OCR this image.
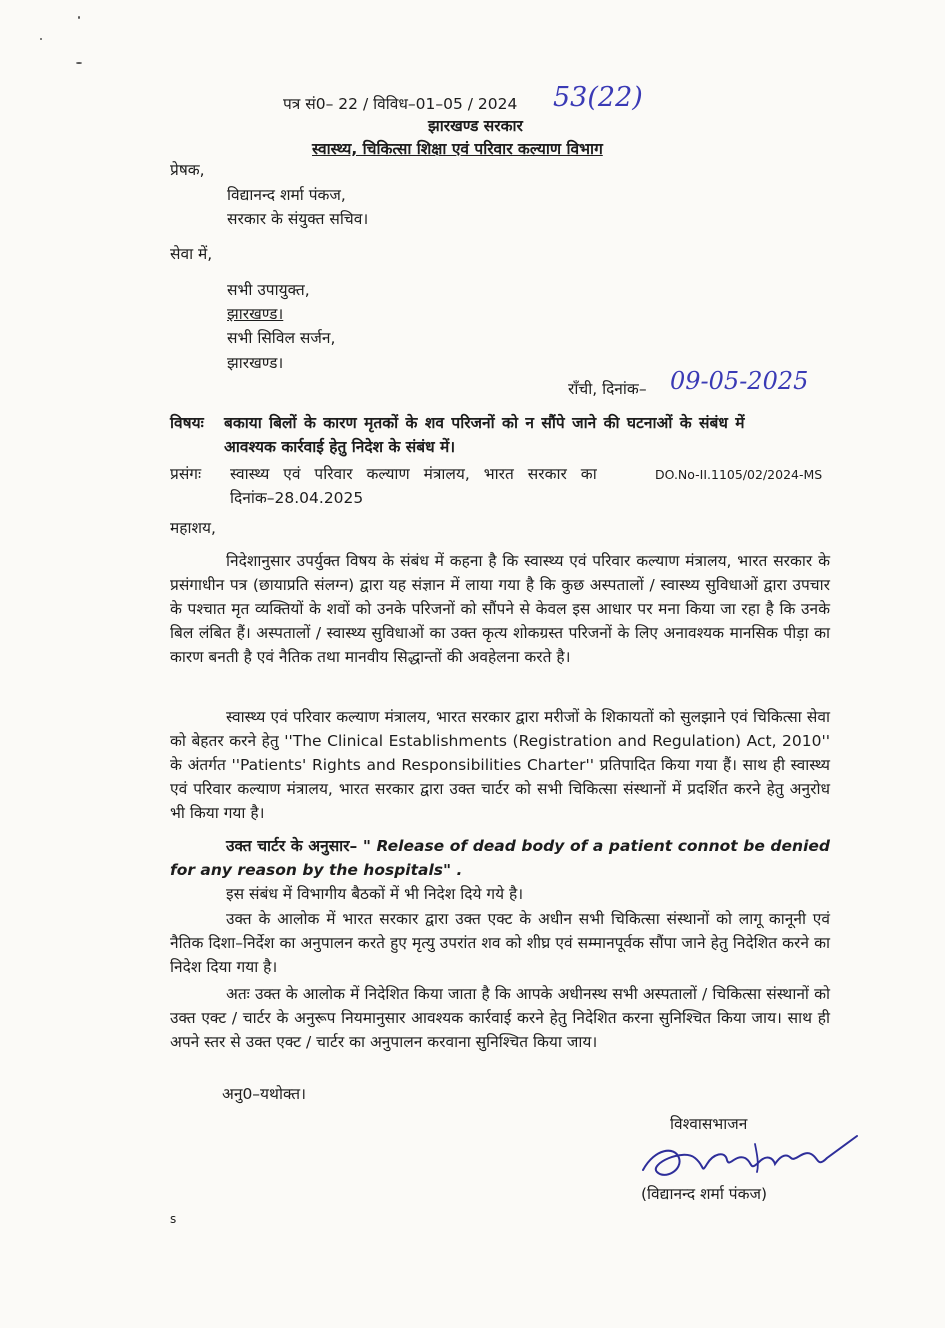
पत्र सं0– 22 / विविध–01–05 / 2024 53(22)
झारखण्ड सरकार
स्वास्थ्य, चिकित्सा शिक्षा एवं परिवार कल्याण विभाग
प्रेषक,
विद्यानन्द शर्मा पंकज,
सरकार के संयुक्त सचिव।
सेवा में,
सभी उपायुक्त,
झारखण्ड।
सभी सिविल सर्जन,
झारखण्ड।
राँची, दिनांक– 09-05-2025
विषयः बकाया बिलों के कारण मृतकों के शव परिजनों को न सौंपे जाने की घटनाओं के संबंध में
आवश्यक कार्रवाई हेतु निदेश के संबंध में।
प्रसंगः स्वास्थ्य एवं परिवार कल्याण मंत्रालय, भारत सरकार का	DO.No-II.1105/02/2024-MS
दिनांक–28.04.2025
महाशय,
निदेशानुसार उपर्युक्त विषय के संबंध में कहना है कि स्वास्थ्य एवं परिवार कल्याण मंत्रालय, भारत सरकार के प्रसंगाधीन पत्र (छायाप्रति संलग्न) द्वारा यह संज्ञान में लाया गया है कि कुछ अस्पतालों / स्वास्थ्य सुविधाओं द्वारा उपचार के पश्चात मृत व्यक्तियों के शवों को उनके परिजनों को सौंपने से केवल इस आधार पर मना किया जा रहा है कि उनके बिल लंबित हैं। अस्पतालों / स्वास्थ्य सुविधाओं का उक्त कृत्य शोकग्रस्त परिजनों के लिए अनावश्यक मानसिक पीड़ा का कारण बनती है एवं नैतिक तथा मानवीय सिद्धान्तों की अवहेलना करते है।
स्वास्थ्य एवं परिवार कल्याण मंत्रालय, भारत सरकार द्वारा मरीजों के शिकायतों को सुलझाने एवं चिकित्सा सेवा को बेहतर करने हेतु ''The Clinical Establishments (Registration and Regulation) Act, 2010'' के अंतर्गत ''Patients' Rights and Responsibilities Charter'' प्रतिपादित किया गया हैं। साथ ही स्वास्थ्य एवं परिवार कल्याण मंत्रालय, भारत सरकार द्वारा उक्त चार्टर को सभी चिकित्सा संस्थानों में प्रदर्शित करने हेतु अनुरोध भी किया गया है।
उक्त चार्टर के अनुसार– " Release of dead body of a patient connot be denied for any reason by the hospitals" .
इस संबंध में विभागीय बैठकों में भी निदेश दिये गये है।
उक्त के आलोक में भारत सरकार द्वारा उक्त एक्ट के अधीन सभी चिकित्सा संस्थानों को लागू कानूनी एवं नैतिक दिशा–निर्देश का अनुपालन करते हुए मृत्यु उपरांत शव को शीघ्र एवं सम्मानपूर्वक सौंपा जाने हेतु निदेशित करने का निदेश दिया गया है।
अतः उक्त के आलोक में निदेशित किया जाता है कि आपके अधीनस्थ सभी अस्पतालों / चिकित्सा संस्थानों को उक्त एक्ट / चार्टर के अनुरूप नियमानुसार आवश्यक कार्रवाई करने हेतु निदेशित करना सुनिश्चित किया जाय। साथ ही अपने स्तर से उक्त एक्ट / चार्टर का अनुपालन करवाना सुनिश्चित किया जाय।
अनु0–यथोक्त।
विश्वासभाजन
(विद्यानन्द शर्मा पंकज)
s
